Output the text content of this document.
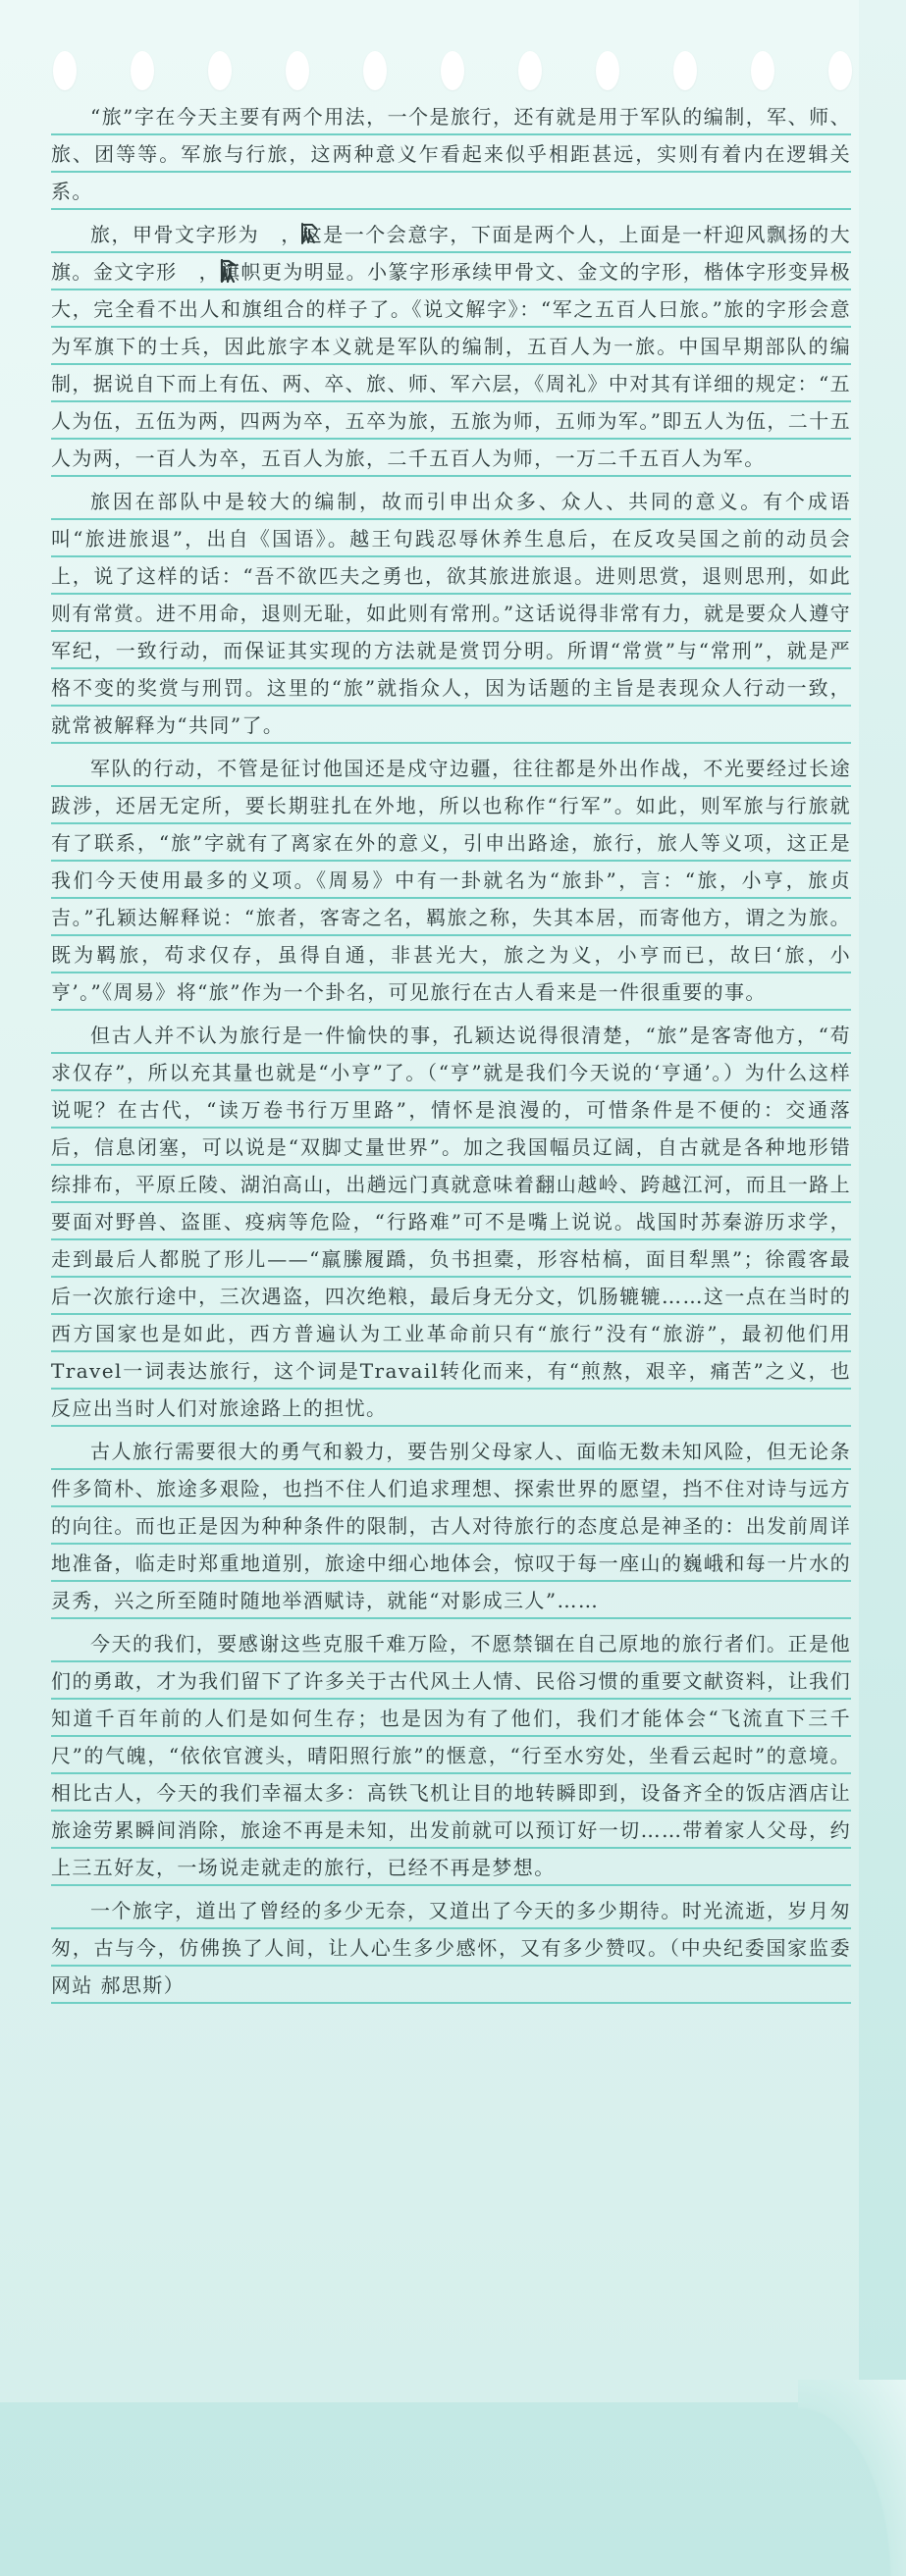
“旅”字在今天主要有两个用法，一个是旅行，还有就是用于军队的编制，军、师、旅、团等等。军旅与行旅，这两种意义乍看起来似乎相距甚远，实则有着内在逻辑关系。

旅，甲骨文字形为 ，这是一个会意字，下面是两个人，上面是一杆迎风飘扬的大旗。金文字形 ，旗帜更为明显。小篆字形承续甲骨文、金文的字形，楷体字形变异极大，完全看不出人和旗组合的样子了。《说文解字》：“军之五百人曰旅。”旅的字形会意为军旗下的士兵，因此旅字本义就是军队的编制，五百人为一旅。中国早期部队的编制，据说自下而上有伍、两、卒、旅、师、军六层，《周礼》中对其有详细的规定：“五人为伍，五伍为两，四两为卒，五卒为旅，五旅为师，五师为军。”即五人为伍，二十五人为两，一百人为卒，五百人为旅，二千五百人为师，一万二千五百人为军。

旅因在部队中是较大的编制，故而引申出众多、众人、共同的意义。有个成语叫“旅进旅退”，出自《国语》。越王句践忍辱休养生息后，在反攻吴国之前的动员会上，说了这样的话：“吾不欲匹夫之勇也，欲其旅进旅退。进则思赏，退则思刑，如此则有常赏。进不用命，退则无耻，如此则有常刑。”这话说得非常有力，就是要众人遵守军纪，一致行动，而保证其实现的方法就是赏罚分明。所谓“常赏”与“常刑”，就是严格不变的奖赏与刑罚。这里的“旅”就指众人，因为话题的主旨是表现众人行动一致，就常被解释为“共同”了。

军队的行动，不管是征讨他国还是戍守边疆，往往都是外出作战，不光要经过长途跋涉，还居无定所，要长期驻扎在外地，所以也称作“行军”。如此，则军旅与行旅就有了联系，“旅”字就有了离家在外的意义，引申出路途，旅行，旅人等义项，这正是我们今天使用最多的义项。《周易》中有一卦就名为“旅卦”，言：“旅，小亨，旅贞吉。”孔颖达解释说：“旅者，客寄之名，羁旅之称，失其本居，而寄他方，谓之为旅。既为羁旅，苟求仅存，虽得自通，非甚光大，旅之为义，小亨而已，故曰‘旅，小亨’。”《周易》将“旅”作为一个卦名，可见旅行在古人看来是一件很重要的事。

但古人并不认为旅行是一件愉快的事，孔颖达说得很清楚，“旅”是客寄他方，“苟求仅存”，所以充其量也就是“小亨”了。（“亨”就是我们今天说的‘亨通’。）为什么这样说呢？在古代，“读万卷书行万里路”，情怀是浪漫的，可惜条件是不便的：交通落后，信息闭塞，可以说是“双脚丈量世界”。加之我国幅员辽阔，自古就是各种地形错综排布，平原丘陵、湖泊高山，出趟远门真就意味着翻山越岭、跨越江河，而且一路上要面对野兽、盗匪、疫病等危险，“行路难”可不是嘴上说说。战国时苏秦游历求学，走到最后人都脱了形儿——“羸縢履蹻，负书担橐，形容枯槁，面目犁黑”；徐霞客最后一次旅行途中，三次遇盗，四次绝粮，最后身无分文，饥肠辘辘……这一点在当时的西方国家也是如此，西方普遍认为工业革命前只有“旅行”没有“旅游”，最初他们用Travel一词表达旅行，这个词是Travail转化而来，有“煎熬，艰辛，痛苦”之义，也反应出当时人们对旅途路上的担忧。

古人旅行需要很大的勇气和毅力，要告别父母家人、面临无数未知风险，但无论条件多简朴、旅途多艰险，也挡不住人们追求理想、探索世界的愿望，挡不住对诗与远方的向往。而也正是因为种种条件的限制，古人对待旅行的态度总是神圣的：出发前周详地准备，临走时郑重地道别，旅途中细心地体会，惊叹于每一座山的巍峨和每一片水的灵秀，兴之所至随时随地举酒赋诗，就能“对影成三人”……

今天的我们，要感谢这些克服千难万险，不愿禁锢在自己原地的旅行者们。正是他们的勇敢，才为我们留下了许多关于古代风土人情、民俗习惯的重要文献资料，让我们知道千百年前的人们是如何生存；也是因为有了他们，我们才能体会“飞流直下三千尺”的气魄，“依依官渡头，晴阳照行旅”的惬意，“行至水穷处，坐看云起时”的意境。相比古人，今天的我们幸福太多：高铁飞机让目的地转瞬即到，设备齐全的饭店酒店让旅途劳累瞬间消除，旅途不再是未知，出发前就可以预订好一切……带着家人父母，约上三五好友，一场说走就走的旅行，已经不再是梦想。

一个旅字，道出了曾经的多少无奈，又道出了今天的多少期待。时光流逝，岁月匆匆，古与今，仿佛换了人间，让人心生多少感怀，又有多少赞叹。（中央纪委国家监委网站 郝思斯）
